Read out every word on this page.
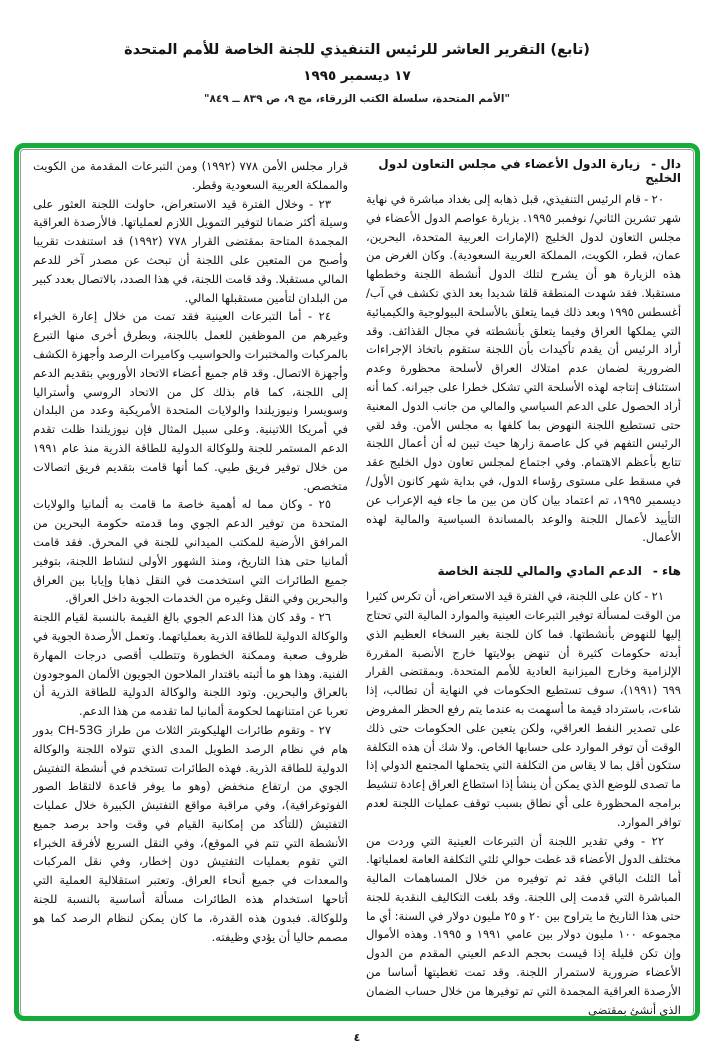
(تابع) التقرير العاشر للرئيس التنفيذي للجنة الخاصة للأمم المتحدة

١٧ ديسمبر ١٩٩٥

"الأمم المتحدة، سلسلة الكتب الزرقاء، مج ٩، ص ٨٣٩ ــ ٨٤٩"

دال -زيارة الدول الأعضاء في مجلس التعاون لدول الخليج

٢٠ - قام الرئيس التنفيذي، قبل ذهابه إلى بغداد مباشرة في نهاية شهر تشرين الثاني/ نوفمبر ١٩٩٥. بزيارة عواصم الدول الأعضاء في مجلس التعاون لدول الخليج (الإمارات العربية المتحدة، البحرين، عمان، قطر، الكويت، المملكة العربية السعودية). وكان الغرض من هذه الزيارة هو أن يشرح لتلك الدول أنشطة اللجنة وخططها مستقبلا. فقد شهدت المنطقة قلقا شديدا بعد الذي تكشف في آب/ أغسطس ١٩٩٥ وبعد ذلك فيما يتعلق بالأسلحة البيولوجية والكيميائية التي يملكها العراق وفيما يتعلق بأنشطته في مجال القذائف. وقد أراد الرئيس أن يقدم تأكيدات بأن اللجنة ستقوم باتخاذ الإجراءات الضرورية لضمان عدم امتلاك العراق لأسلحة محظورة وعدم استئناف إنتاجه لهذه الأسلحة التي تشكل خطرا على جيرانه. كما أنه أراد الحصول على الدعم السياسي والمالي من جانب الدول المعنية حتى تستطيع اللجنة النهوض بما كلفها به مجلس الأمن. وقد لقي الرئيس التفهم في كل عاصمة زارها حيث تبين له أن أعمال اللجنة تتابع بأعظم الاهتمام. وفي اجتماع لمجلس تعاون دول الخليج عقد في مسقط على مستوى رؤساء الدول، في بداية شهر كانون الأول/ ديسمبر ١٩٩٥، تم اعتماد بيان كان من بين ما جاء فيه الإعراب عن التأييد لأعمال اللجنة والوعد بالمساندة السياسية والمالية لهذه الأعمال.

هاء -الدعم المادي والمالي للجنة الخاصة

٢١ - كان على اللجنة، في الفترة قيد الاستعراض، أن تكرس كثيرا من الوقت لمسألة توفير التبرعات العينية والموارد المالية التي تحتاج إليها للنهوض بأنشطتها. فما كان للجنة بغير السخاء العظيم الذي أبدته حكومات كثيرة أن تنهض بولايتها خارج الأنصبة المقررة الإلزامية وخارج الميزانية العادية للأمم المتحدة. وبمقتضى القرار ٦٩٩ (١٩٩١)، سوف تستطيع الحكومات في النهاية أن تطالب، إذا شاءت، باسترداد قيمة ما أسهمت به عندما يتم رفع الحظر المفروض على تصدير النفط العراقي، ولكن يتعين على الحكومات حتى ذلك الوقت أن توفر الموارد على حسابها الخاص. ولا شك أن هذه التكلفة ستكون أقل بما لا يقاس من التكلفة التي يتحملها المجتمع الدولي إذا ما تصدى للوضع الذي يمكن أن ينشأ إذا استطاع العراق إعادة تنشيط برامجه المحظورة على أي نطاق بسبب توقف عمليات اللجنة لعدم توافر الموارد.

٢٢ - وفي تقدير اللجنة أن التبرعات العينية التي وردت من مختلف الدول الأعضاء قد غطت حوالي ثلثي التكلفة العامة لعملياتها. أما الثلث الباقي فقد تم توفيره من خلال المساهمات المالية المباشرة التي قدمت إلى اللجنة. وقد بلغت التكاليف النقدية للجنة حتى هذا التاريخ ما يتراوح بين ٢٠ و ٢٥ مليون دولار في السنة: أي ما مجموعه ١٠٠ مليون دولار بين عامي ١٩٩١ و ١٩٩٥. وهذه الأموال وإن تكن قليلة إذا قيست بحجم الدعم العيني المقدم من الدول الأعضاء ضرورية لاستمرار اللجنة. وقد تمت تغطيتها أساسا من الأرصدة العراقية المجمدة التي تم توفيرها من خلال حساب الضمان الذي أنشئ بمقتضى

قرار مجلس الأمن ٧٧٨ (١٩٩٢) ومن التبرعات المقدمة من الكويت والمملكة العربية السعودية وقطر.

٢٣ - وخلال الفترة قيد الاستعراض، حاولت اللجنة العثور على وسيلة أكثر ضمانا لتوفير التمويل اللازم لعملياتها. فالأرصدة العراقية المجمدة المتاحة بمقتضى القرار ٧٧٨ (١٩٩٢) قد استنفدت تقريبا وأصبح من المتعين على اللجنة أن تبحث عن مصدر آخر للدعم المالي مستقبلا. وقد قامت اللجنة، في هذا الصدد، بالاتصال بعدد كبير من البلدان لتأمين مستقبلها المالي.

٢٤ - أما التبرعات العينية فقد تمت من خلال إعارة الخبراء وغيرهم من الموظفين للعمل باللجنة، وبطرق أخرى منها التبرع بالمركبات والمختبرات والحواسيب وكاميرات الرصد وأجهزة الكشف وأجهزة الاتصال. وقد قام جميع أعضاء الاتحاد الأوروبي بتقديم الدعم إلى اللجنة، كما قام بذلك كل من الاتحاد الروسي وأستراليا وسويسرا ونيوزيلندا والولايات المتحدة الأمريكية وعدد من البلدان في أمريكا اللاتينية. وعلى سبيل المثال فإن نيوزيلندا ظلت تقدم الدعم المستمر للجنة وللوكالة الدولية للطاقة الذرية منذ عام ١٩٩١ من خلال توفير فريق طبي. كما أنها قامت بتقديم فريق اتصالات متخصص.

٢٥ - وكان مما له أهمية خاصة ما قامت به ألمانيا والولايات المتحدة من توفير الدعم الجوي وما قدمته حكومة البحرين من المرافق الأرضية للمكتب الميداني للجنة في المحرق. فقد قامت ألمانيا حتى هذا التاريخ، ومنذ الشهور الأولى لنشاط اللجنة، بتوفير جميع الطائرات التي استخدمت في النقل ذهابا وإيابا بين العراق والبحرين وفي النقل وغيره من الخدمات الجوية داخل العراق.

٢٦ - وقد كان هذا الدعم الجوي بالغ القيمة بالنسبة لقيام اللجنة والوكالة الدولية للطاقة الذرية بعملياتهما. وتعمل الأرصدة الجوية في ظروف صعبة وممكنة الخطورة وتتطلب أقصى درجات المهارة الفنية. وهذا هو ما أثبته باقتدار الملاحون الجويون الألمان الموجودون بالعراق والبحرين. وتود اللجنة والوكالة الدولية للطاقة الذرية أن تعربا عن امتنانهما لحكومة ألمانيا لما تقدمه من هذا الدعم.

٢٧ - وتقوم طائرات الهليكوبتر الثلاث من طراز CH-53G بدور هام في نظام الرصد الطويل المدى الذي تتولاه اللجنة والوكالة الدولية للطاقة الذرية. فهذه الطائرات تستخدم في أنشطة التفتيش الجوي من ارتفاع منخفض (وهو ما يوفر قاعدة لالتقاط الصور الفوتوغرافية)، وفي مراقبة مواقع التفتيش الكبيرة خلال عمليات التفتيش (للتأكد من إمكانية القيام في وقت واحد برصد جميع الأنشطة التي تتم في الموقع)، وفي النقل السريع لأفرقة الخبراء التي تقوم بعمليات التفتيش دون إخطار، وفي نقل المركبات والمعدات في جميع أنحاء العراق. وتعتبر استقلالية العملية التي أتاحها استخدام هذه الطائرات مسألة أساسية بالنسبة للجنة وللوكالة. فبدون هذه القدرة، ما كان يمكن لنظام الرصد كما هو مصمم حاليا أن يؤدي وظيفته.

٤
